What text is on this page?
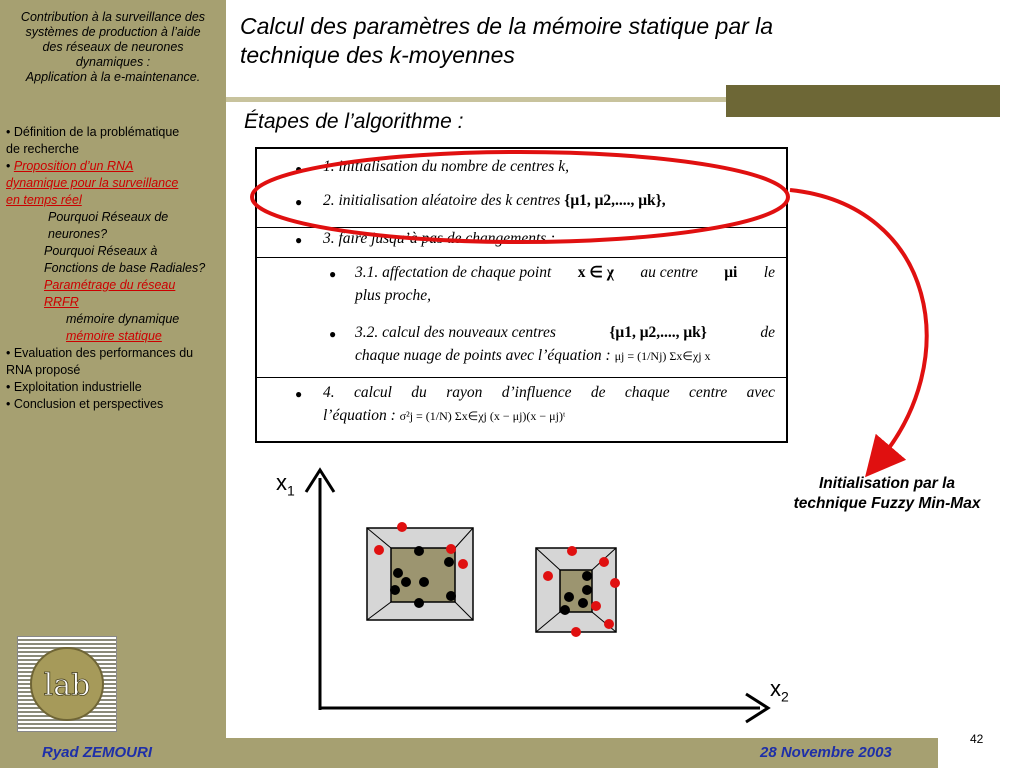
Contribution à la surveillance des
systèmes de production à l’aide
des réseaux de neurones
dynamiques :
Application à la e-maintenance.
• Définition de la problématique
de recherche
• Proposition d’un RNA
dynamique pour la surveillance
en temps réel
Pourquoi Réseaux de
neurones?
Pourquoi Réseaux à
Fonctions de base Radiales?
Paramétrage du réseau
RRFR
mémoire dynamique
mémoire statique
• Evaluation des performances du
RNA proposé
• Exploitation industrielle
• Conclusion et perspectives
lab
Calcul des paramètres de la mémoire statique par la
technique des k-moyennes
Étapes de l’algorithme :
● 1. initialisation du nombre de centres k,
● 2. initialisation aléatoire des k centres {μ1, μ2,...., μk},
● 3. faire jusqu’à pas de changements :
● 3.1. affectation de chaque point x ∈ χ au centre μi le
plus proche,
● 3.2. calcul des nouveaux centres	{μ1, μ2,...., μk}	de
chaque nuage de points avec l’équation : μj = (1/Nj) Σx∈χj x
● 4. calcul du rayon d’influence de chaque centre avec
l’équation : σ²j = (1/N) Σx∈χj (x − μj)(x − μj)ᵗ
Initialisation par la
technique Fuzzy Min-Max
$x_1$
$x_2$
Ryad ZEMOURI	28 Novembre 2003
42
